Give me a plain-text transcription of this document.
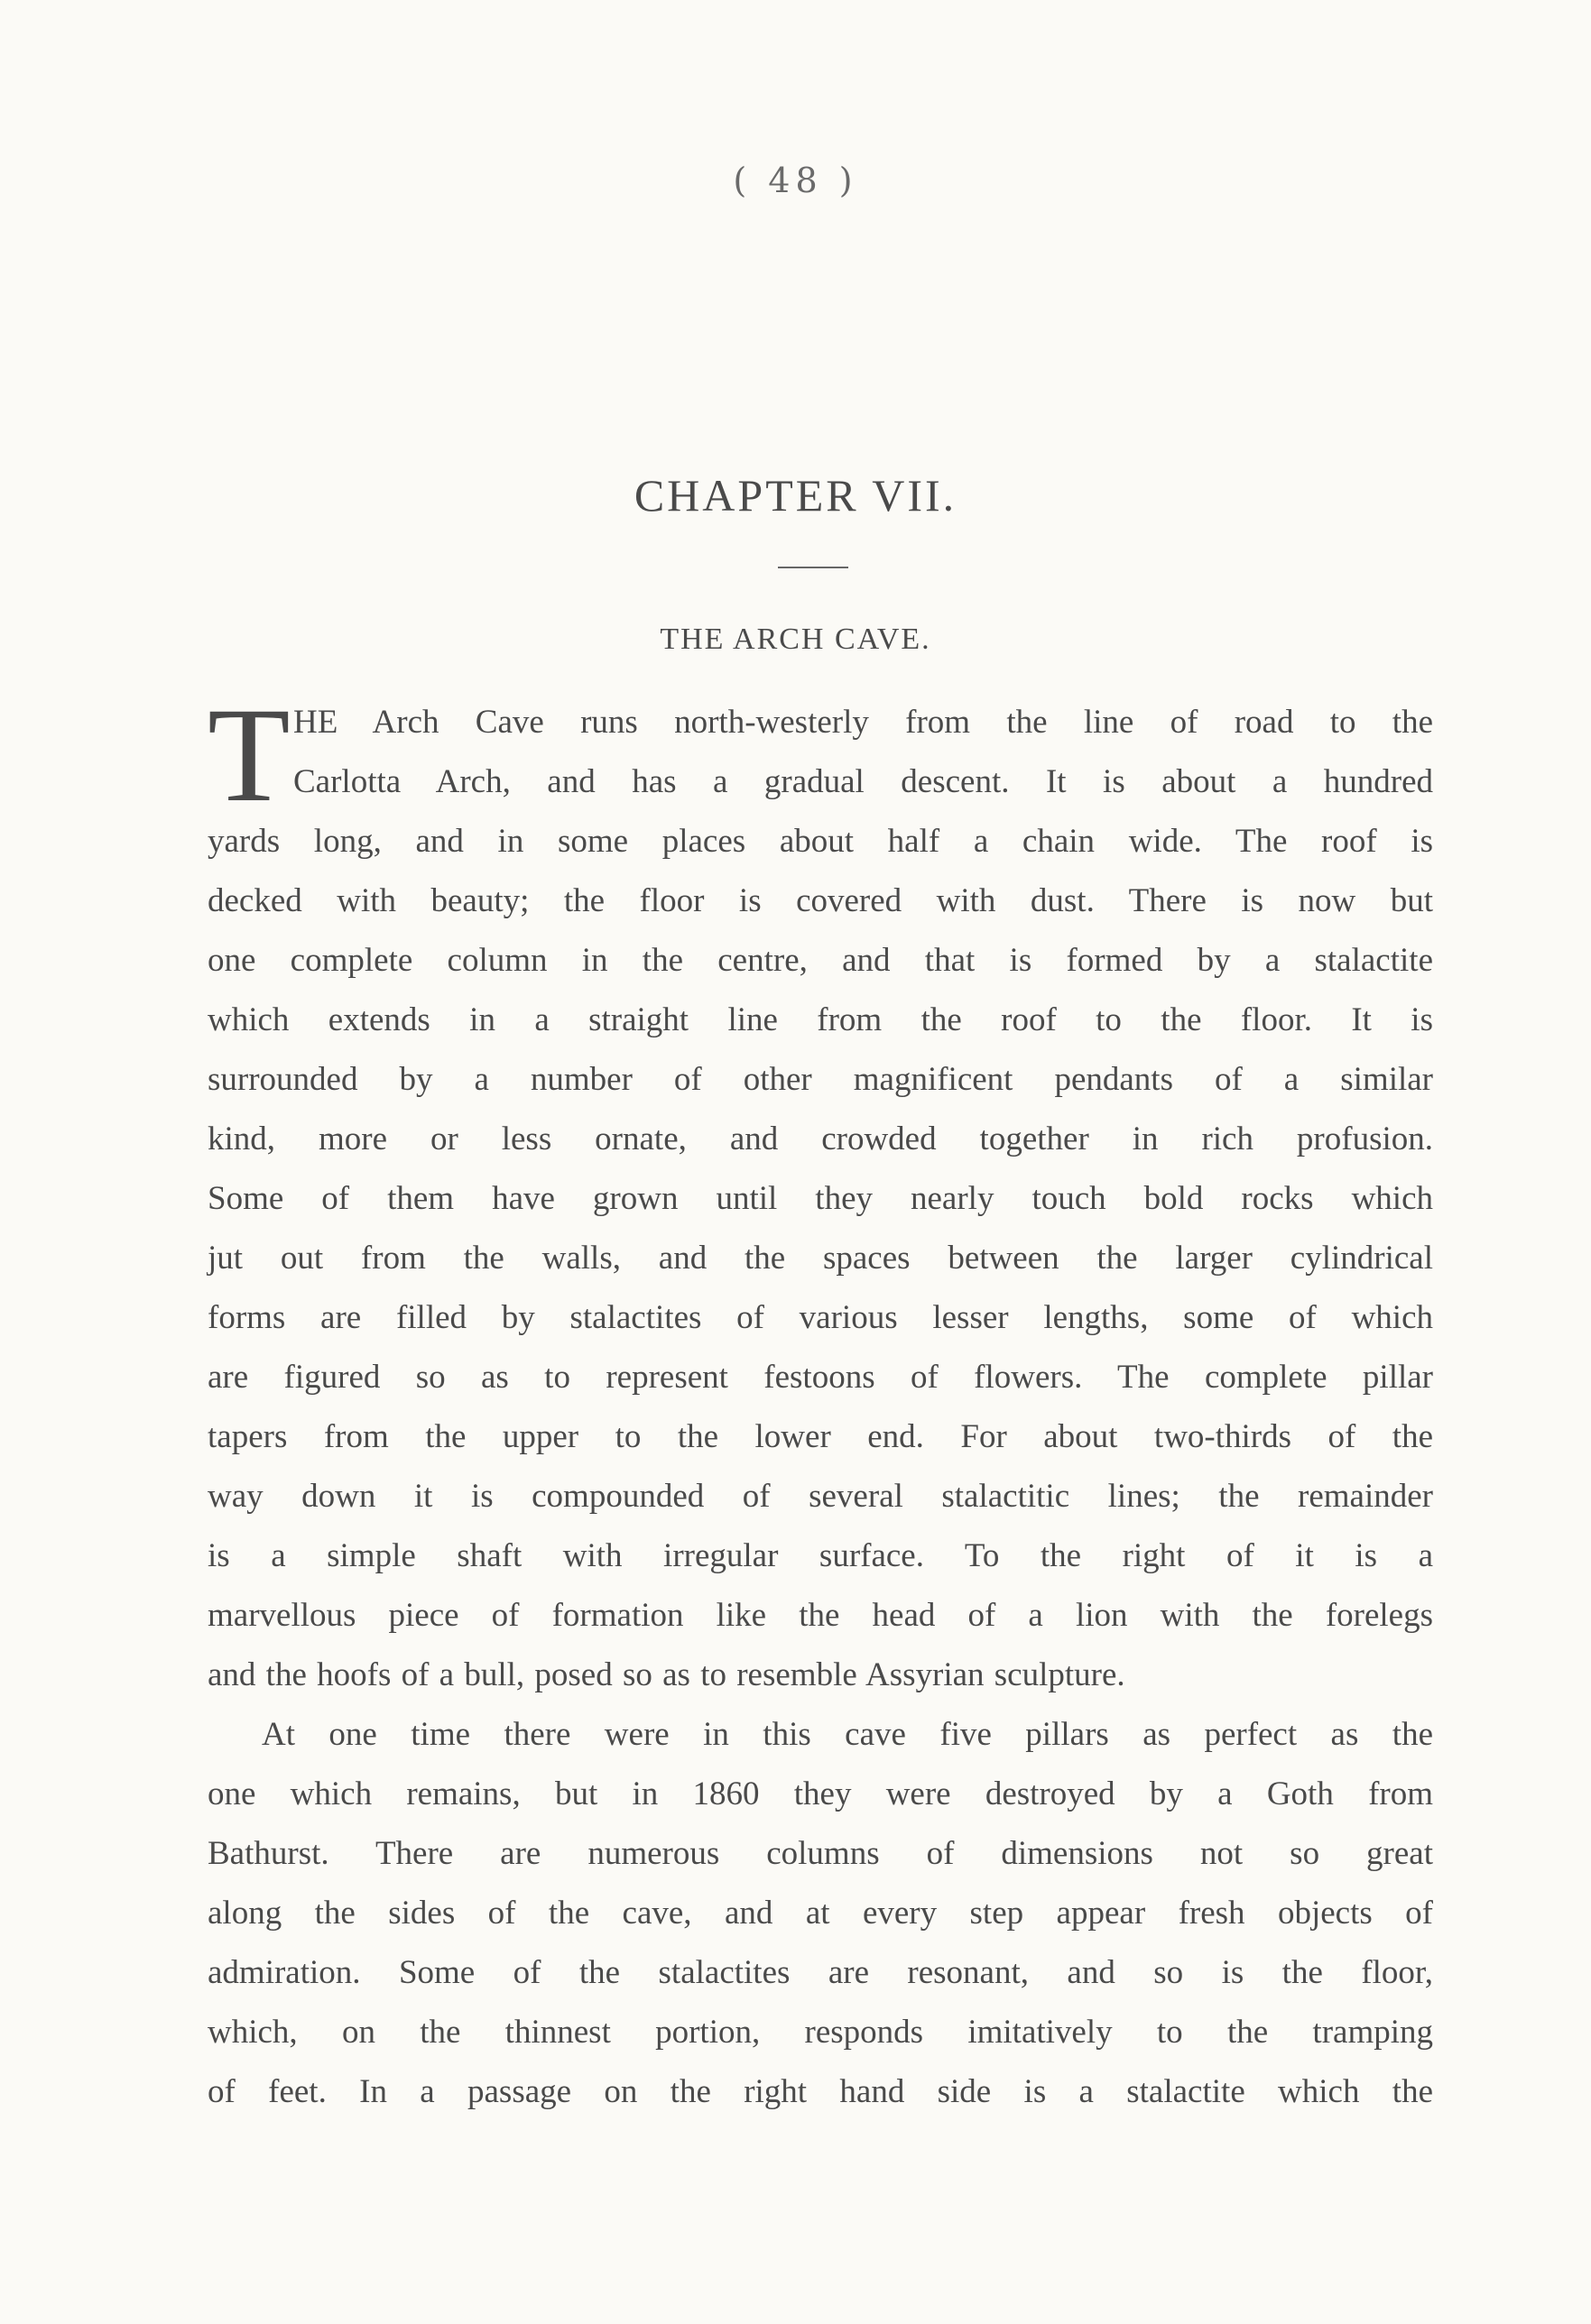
( 48 )
CHAPTER VII.
THE ARCH CAVE.
T HE Arch Cave runs north-westerly from the line of road to the
Carlotta Arch, and has a gradual descent. It is about a hundred
yards long, and in some places about half a chain wide. The roof is
decked with beauty; the floor is covered with dust. There is now but
one complete column in the centre, and that is formed by a stalactite
which extends in a straight line from the roof to the floor. It is
surrounded by a number of other magnificent pendants of a similar
kind, more or less ornate, and crowded together in rich profusion.
Some of them have grown until they nearly touch bold rocks which
jut out from the walls, and the spaces between the larger cylindrical
forms are filled by stalactites of various lesser lengths, some of which
are figured so as to represent festoons of flowers. The complete pillar
tapers from the upper to the lower end. For about two-thirds of the
way down it is compounded of several stalactitic lines; the remainder
is a simple shaft with irregular surface. To the right of it is a
marvellous piece of formation like the head of a lion with the forelegs
and the hoofs of a bull, posed so as to resemble Assyrian sculpture.
At one time there were in this cave five pillars as perfect as the
one which remains, but in 1860 they were destroyed by a Goth from
Bathurst. There are numerous columns of dimensions not so great
along the sides of the cave, and at every step appear fresh objects of
admiration. Some of the stalactites are resonant, and so is the floor,
which, on the thinnest portion, responds imitatively to the tramping
of feet. In a passage on the right hand side is a stalactite which the
